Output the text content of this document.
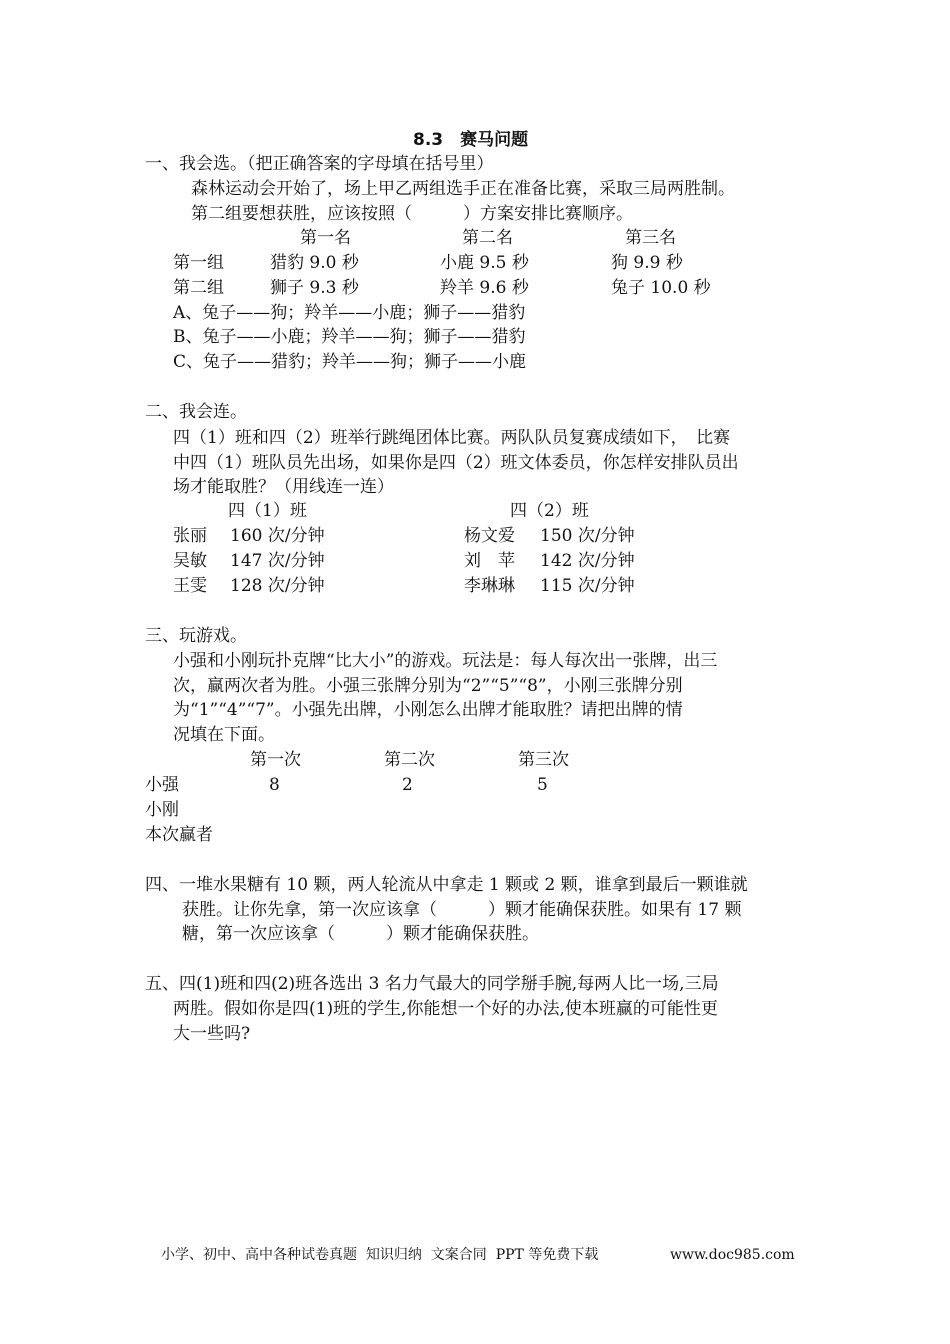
8.3　赛马问题
一、我会选。（把正确答案的字母填在括号里）
森林运动会开始了，场上甲乙两组选手正在准备比赛，采取三局两胜制。
第二组要想获胜，应该按照（　　　）方案安排比赛顺序。
第一名	第二名	第三名
第一组	猎豹 9.0 秒	小鹿 9.5 秒	狗 9.9 秒
第二组	狮子 9.3 秒	羚羊 9.6 秒	兔子 10.0 秒
A、兔子——狗；羚羊——小鹿；狮子——猎豹
B、兔子——小鹿；羚羊——狗；狮子——猎豹
C、兔子——猎豹；羚羊——狗；狮子——小鹿
二、我会连。
四（1）班和四（2）班举行跳绳团体比赛。两队队员复赛成绩如下，　比赛
中四（1）班队员先出场，如果你是四（2）班文体委员，你怎样安排队员出
场才能取胜？（用线连一连）
四（1）班	四（2）班
张丽 160 次/分钟	杨文爱 150 次/分钟
吴敏 147 次/分钟	刘　苹 142 次/分钟
王雯 128 次/分钟	李琳琳 115 次/分钟
三、玩游戏。
小强和小刚玩扑克牌“比大小”的游戏。玩法是：每人每次出一张牌，出三
次，赢两次者为胜。小强三张牌分别为“2”“5”“8”，小刚三张牌分别
为“1”“4”“7”。小强先出牌，小刚怎么出牌才能取胜？请把出牌的情
况填在下面。
第一次	第二次	第三次
小强	8	2	5
小刚
本次赢者
四、一堆水果糖有 10 颗，两人轮流从中拿走 1 颗或 2 颗，谁拿到最后一颗谁就
获胜。让你先拿，第一次应该拿（　　　）颗才能确保获胜。如果有 17 颗
糖，第一次应该拿（　　　）颗才能确保获胜。
五、四(1)班和四(2)班各选出 3 名力气最大的同学掰手腕,每两人比一场,三局
两胜。假如你是四(1)班的学生,你能想一个好的办法,使本班赢的可能性更
大一些吗?
小学、初中、高中各种试卷真题  知识归纳  文案合同  PPT 等免费下载	www.doc985.com
